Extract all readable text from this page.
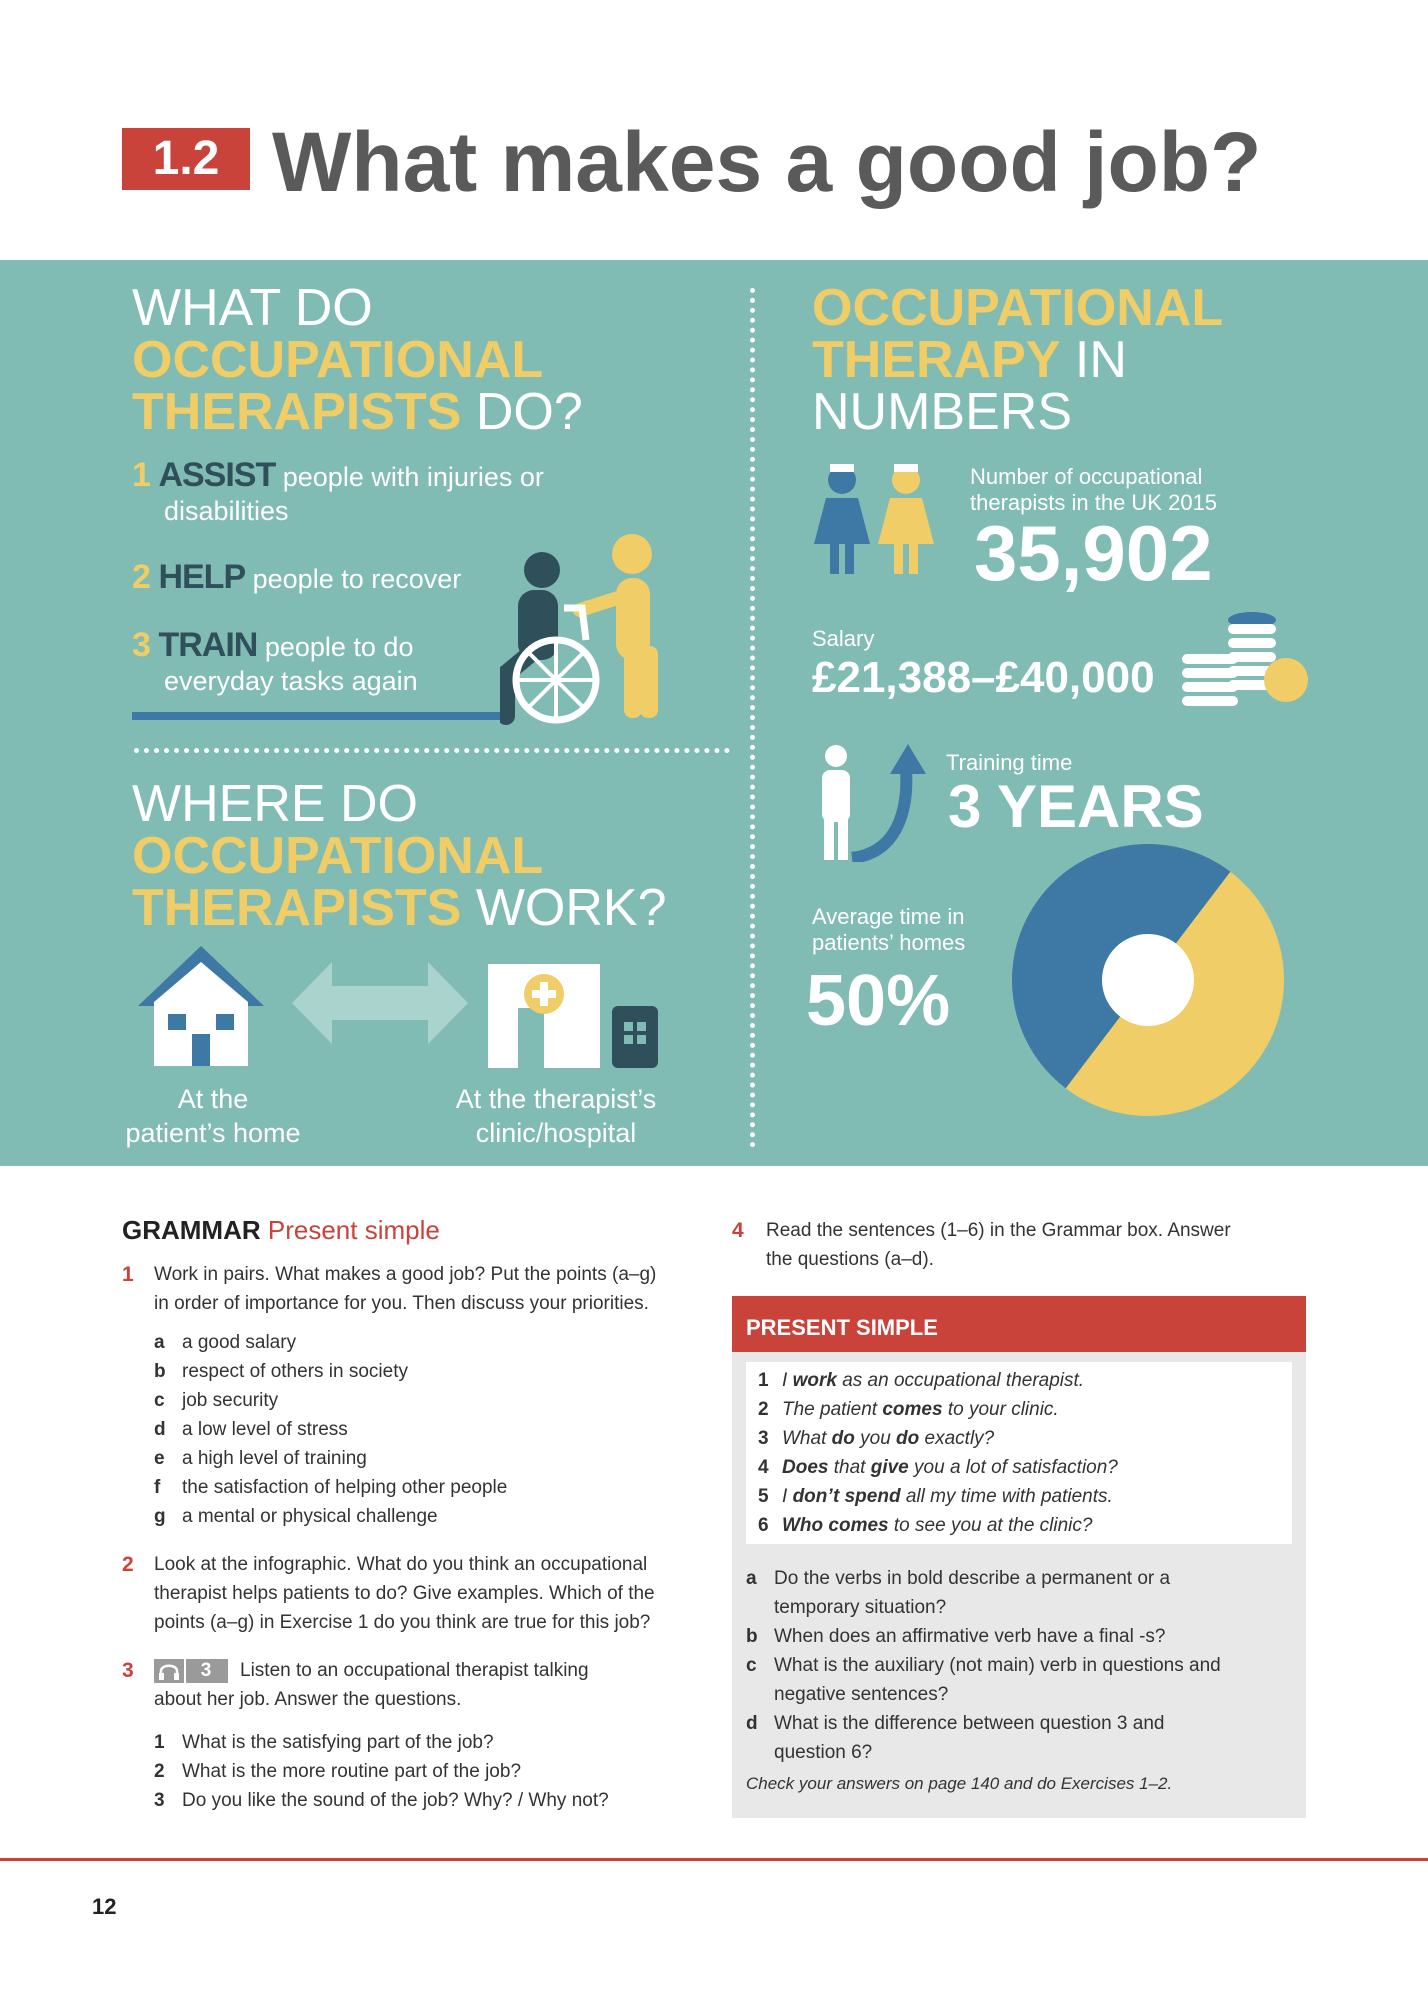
1.2 What makes a good job?
WHAT DO
OCCUPATIONAL
THERAPISTS DO?
1 ASSIST people with injuries or
disabilities
2 HELP people to recover
3 TRAIN people to do
everyday tasks again
WHERE DO
OCCUPATIONAL
THERAPISTS WORK?
At the
patient’s home
At the therapist’s
clinic/hospital
OCCUPATIONAL
THERAPY IN
NUMBERS
Number of occupational
therapists in the UK 2015
35,902
Salary
£21,388–£40,000
Training time
3 YEARS
Average time in
patients’ homes
50%
GRAMMAR Present simple
1	Work in pairs. What makes a good job? Put the points (a–g)
in order of importance for you. Then discuss your priorities.
a a good salary
b respect of others in society
c job security
d a low level of stress
e a high level of training
f the satisfaction of helping other people
g a mental or physical challenge
2	Look at the infographic. What do you think an occupational
therapist helps patients to do? Give examples. Which of the
points (a–g) in Exercise 1 do you think are true for this job?
3	3	Listen to an occupational therapist talking
about her job. Answer the questions.
1 What is the satisfying part of the job?
2 What is the more routine part of the job?
3 Do you like the sound of the job? Why? / Why not?
4	Read the sentences (1–6) in the Grammar box. Answer
the questions (a–d).
PRESENT SIMPLE
1 I work as an occupational therapist.
2 The patient comes to your clinic.
3 What do you do exactly?
4 Does that give you a lot of satisfaction?
5 I don’t spend all my time with patients.
6 Who comes to see you at the clinic?
a Do the verbs in bold describe a permanent or a
temporary situation?
b When does an affirmative verb have a final -s?
c What is the auxiliary (not main) verb in questions and
negative sentences?
d What is the difference between question 3 and
question 6?
Check your answers on page 140 and do Exercises 1–2.
12
